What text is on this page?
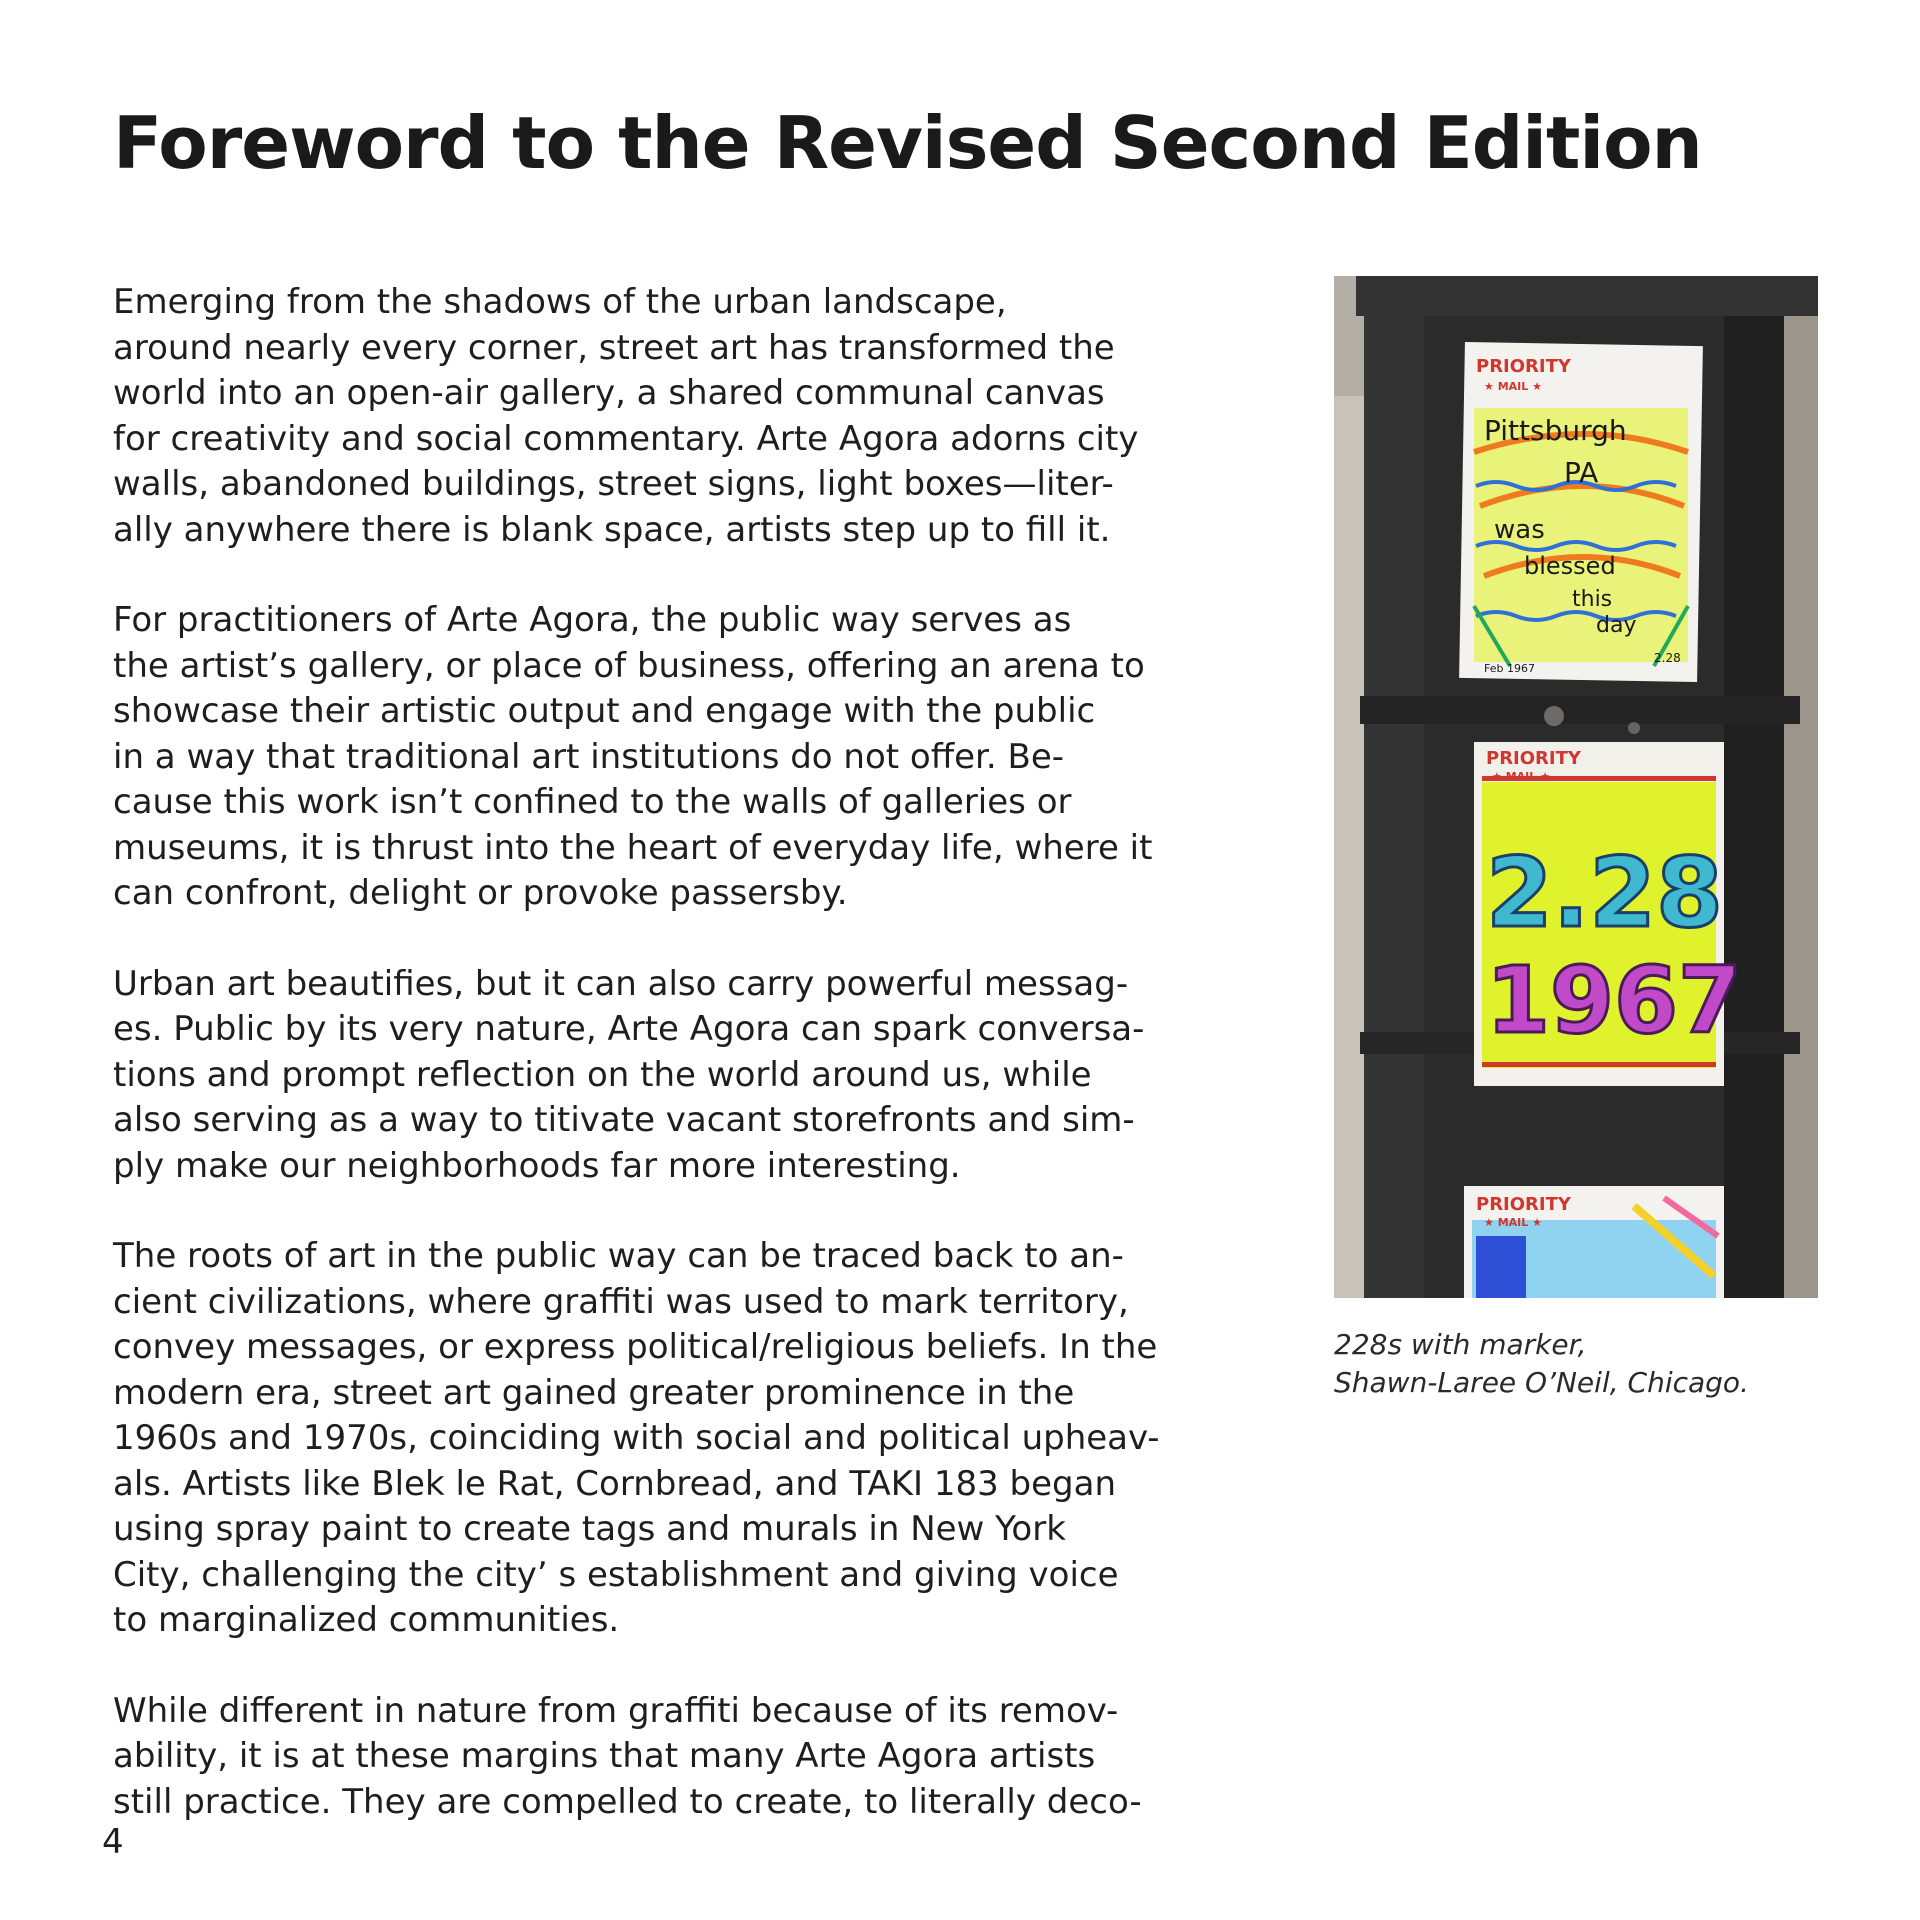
Foreword to the Revised Second Edition

Emerging from the shadows of the urban landscape,
around nearly every corner, street art has transformed the
world into an open-air gallery, a shared communal canvas
for creativity and social commentary. Arte Agora adorns city
walls, abandoned buildings, street signs, light boxes—liter-
ally anywhere there is blank space, artists step up to fill it.

For practitioners of Arte Agora, the public way serves as
the artist’s gallery, or place of business, offering an arena to
showcase their artistic output and engage with the public
in a way that traditional art institutions do not offer. Be-
cause this work isn’t confined to the walls of galleries or
museums, it is thrust into the heart of everyday life, where it
can confront, delight or provoke passersby.

Urban art beautifies, but it can also carry powerful messag-
es. Public by its very nature, Arte Agora can spark conversa-
tions and prompt reflection on the world around us, while
also serving as a way to titivate vacant storefronts and sim-
ply make our neighborhoods far more interesting.

The roots of art in the public way can be traced back to an-
cient civilizations, where graffiti was used to mark territory,
convey messages, or express political/religious beliefs. In the
modern era, street art gained greater prominence in the
1960s and 1970s, coinciding with social and political upheav-
als. Artists like Blek le Rat, Cornbread, and TAKI 183 began
using spray paint to create tags and murals in New York
City, challenging the city’ s establishment and giving voice
to marginalized communities.

While different in nature from graffiti because of its remov-
ability, it is at these margins that many Arte Agora artists
still practice. They are compelled to create, to literally deco-

4
PRIORITY
★ MAIL ★
Pittsburgh
PA
was
blessed
this
day
Feb 1967
2.28
PRIORITY
★ MAIL ★
2.28
1967
PRIORITY
★ MAIL ★
228s with marker,
Shawn-Laree O’Neil, Chicago.
